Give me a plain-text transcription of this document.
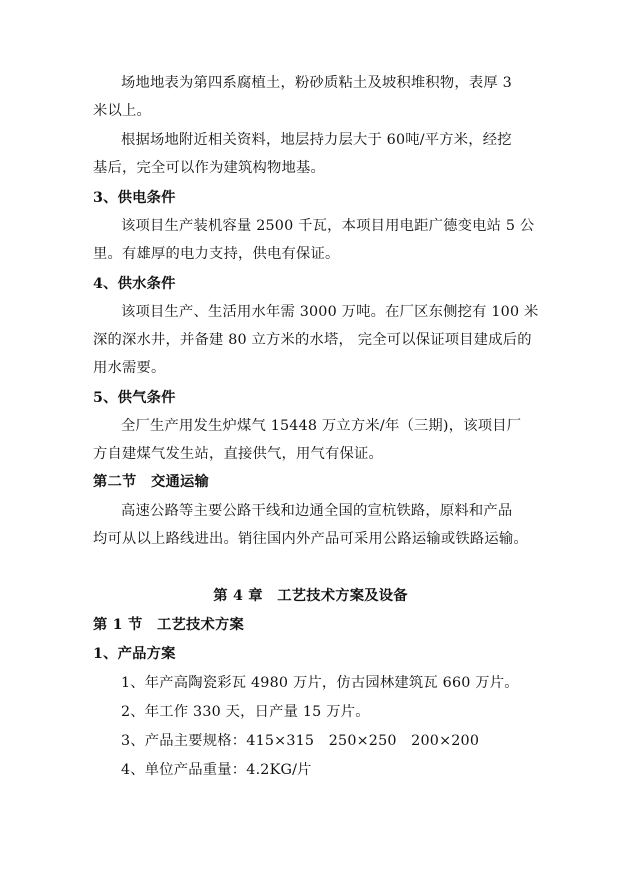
场地地表为第四系腐植土，粉砂质粘土及坡积堆积物，表厚 3
米以上。
根据场地附近相关资料，地层持力层大于 60吨/平方米，经挖
基后，完全可以作为建筑构物地基。
3、供电条件
该项目生产装机容量 2500 千瓦，本项目用电距广德变电站 5 公
里。有雄厚的电力支持，供电有保证。
4、供水条件
该项目生产、生活用水年需 3000 万吨。在厂区东侧挖有 100 米
深的深水井，并备建 80 立方米的水塔， 完全可以保证项目建成后的
用水需要。
5、供气条件
全厂生产用发生炉煤气 15448 万立方米/年（三期)，该项目厂
方自建煤气发生站，直接供气，用气有保证。
第二节　交通运输
高速公路等主要公路干线和边通全国的宣杭铁路，原料和产品
均可从以上路线进出。销往国内外产品可采用公路运输或铁路运输。
第 4 章　工艺技术方案及设备
第 1 节　工艺技术方案
1、产品方案
1、年产高陶瓷彩瓦 4980 万片，仿古园林建筑瓦 660 万片。
2、年工作 330 天，日产量 15 万片。
3、产品主要规格：415×315　250×250　200×200
4、单位产品重量：4.2KG/片
